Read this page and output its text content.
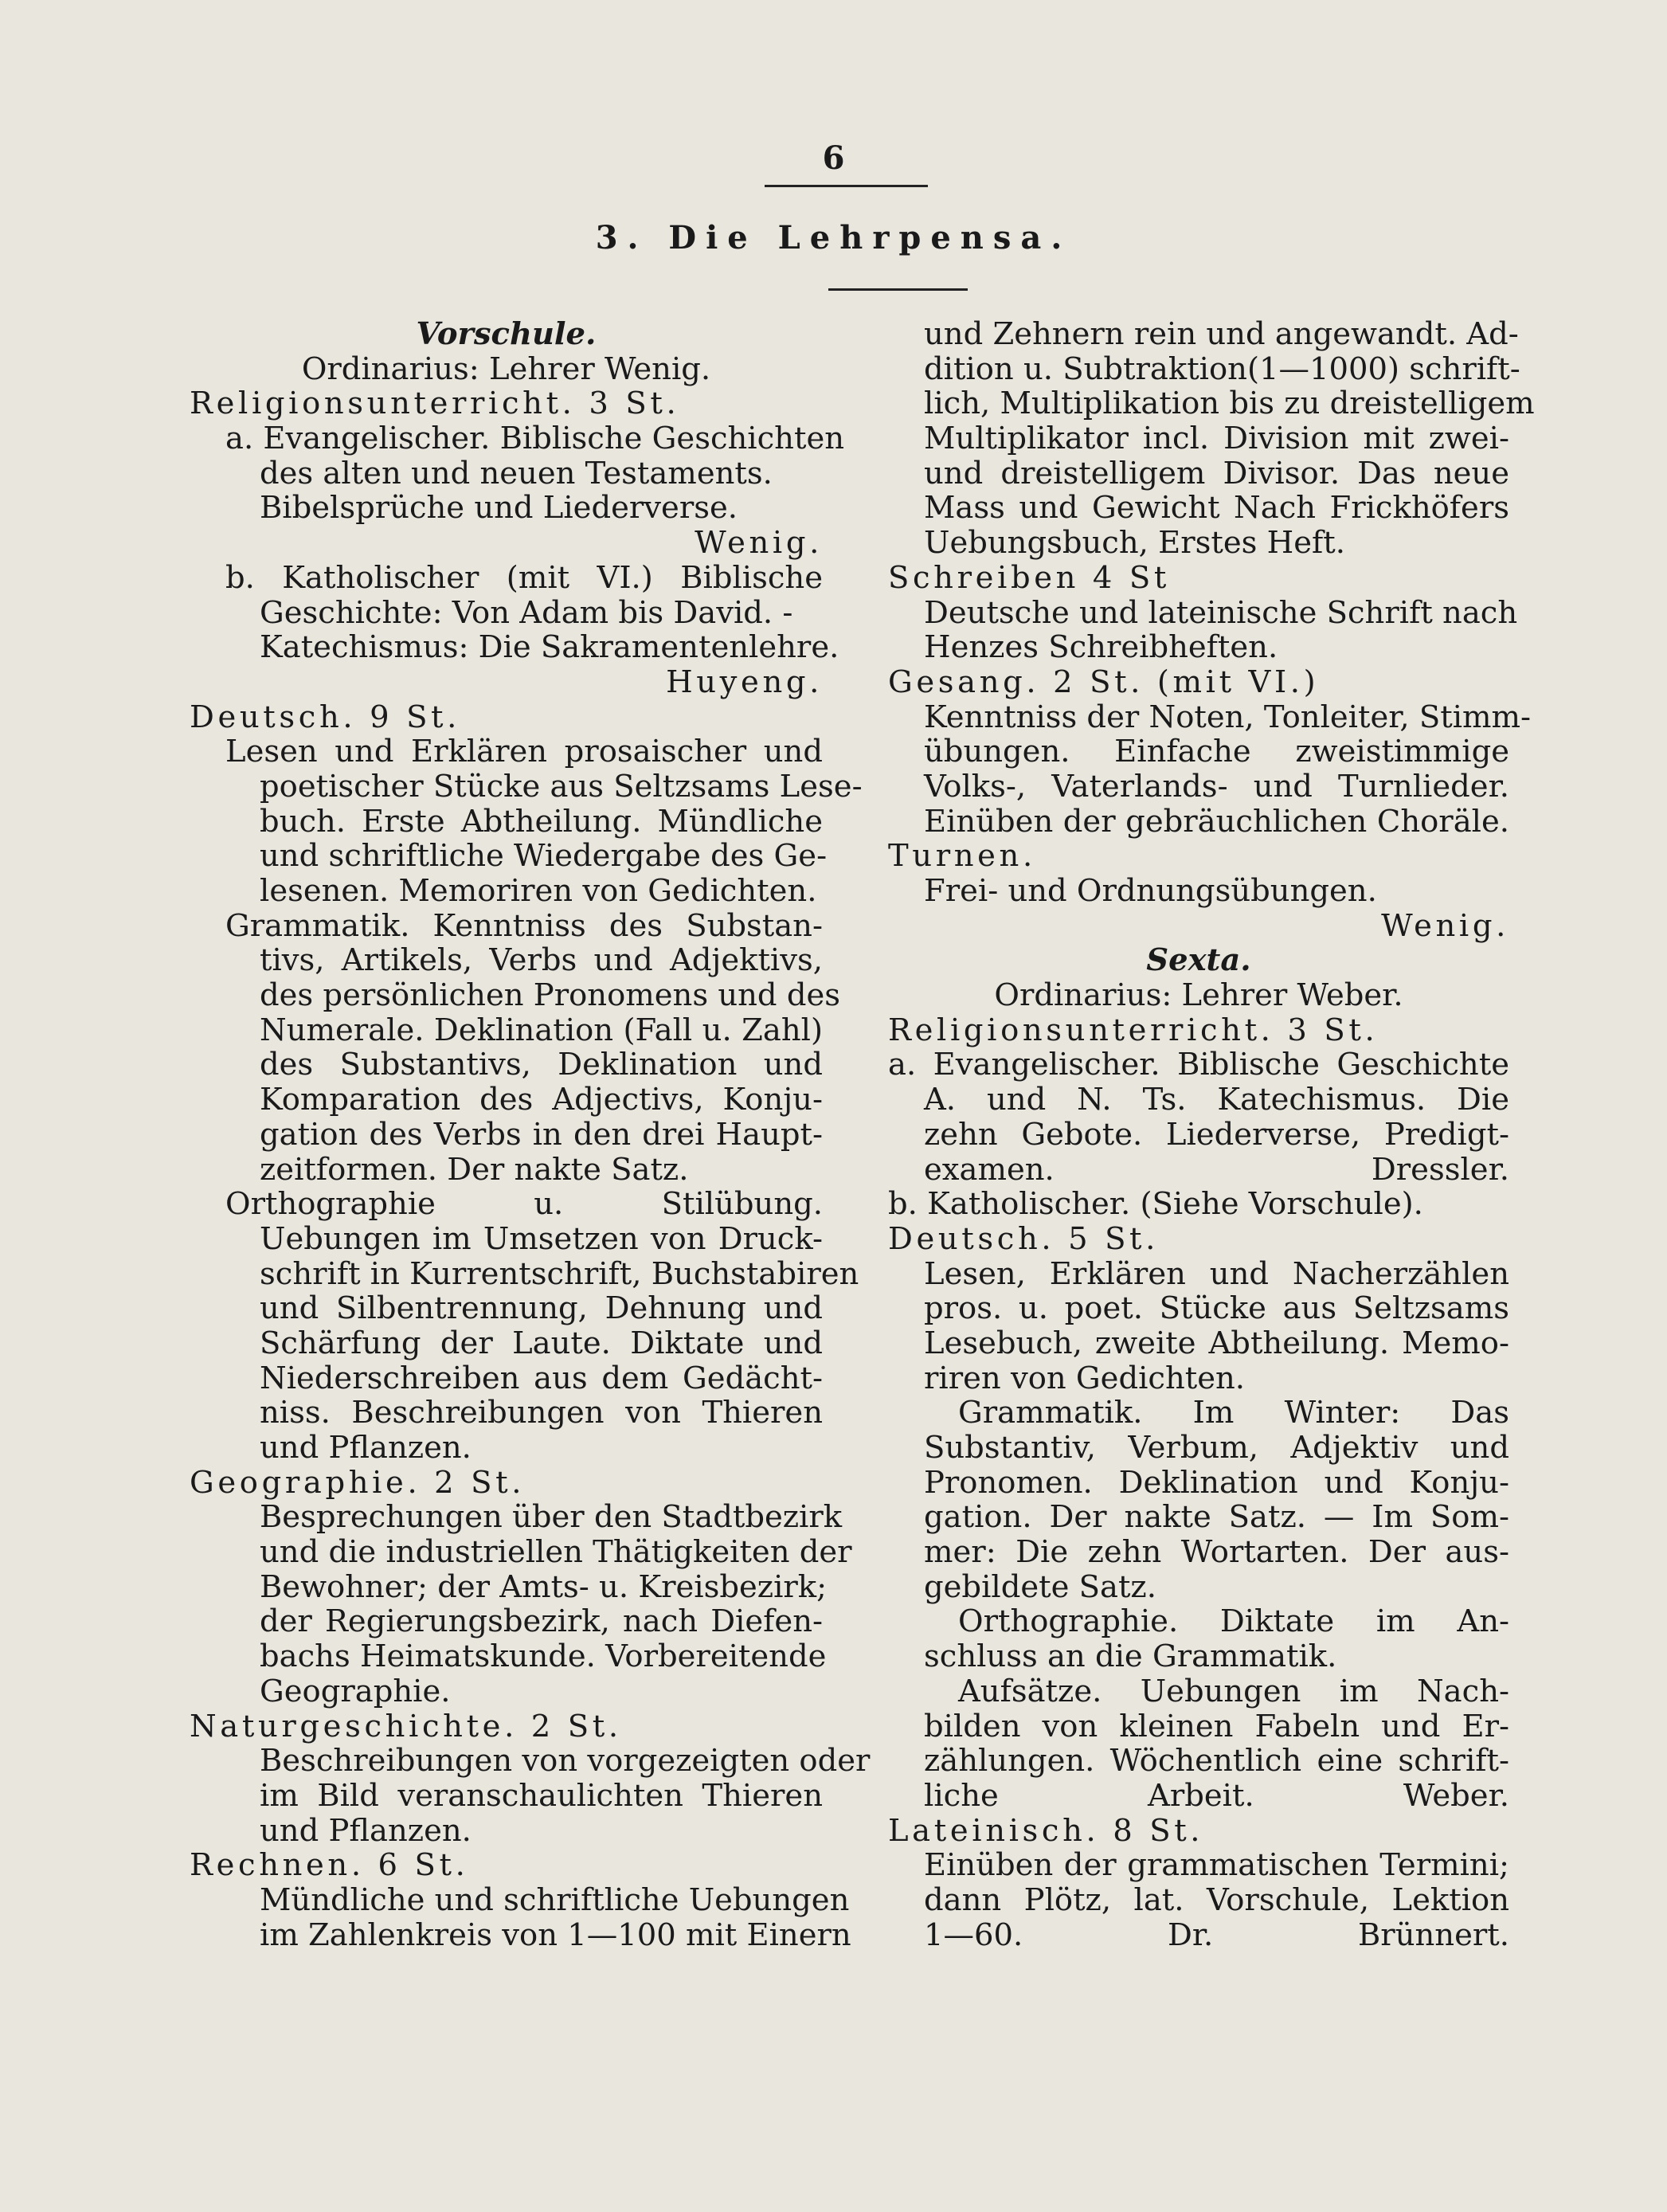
6
3. Die Lehrpensa.
Vorschule.
Ordinarius: Lehrer Wenig.
Religionsunterricht. 3 St.
a. Evangelischer. Biblische Geschichten
des alten und neuen Testaments.
Bibelsprüche und Liederverse.
Wenig.
b. Katholischer (mit VI.) Biblische
Geschichte: Von Adam bis David. -
Katechismus: Die Sakramentenlehre.
Huyeng.
Deutsch. 9 St.
Lesen und Erklären prosaischer und
poetischer Stücke aus Seltzsams Lese-
buch. Erste Abtheilung. Mündliche
und schriftliche Wiedergabe des Ge-
lesenen. Memoriren von Gedichten.
Grammatik. Kenntniss des Substan-
tivs, Artikels, Verbs und Adjektivs,
des persönlichen Pronomens und des
Numerale. Deklination (Fall u. Zahl)
des Substantivs, Deklination und
Komparation des Adjectivs, Konju-
gation des Verbs in den drei Haupt-
zeitformen. Der nakte Satz.
Orthographie u. Stilübung.
Uebungen im Umsetzen von Druck-
schrift in Kurrentschrift, Buchstabiren
und Silbentrennung, Dehnung und
Schärfung der Laute. Diktate und
Niederschreiben aus dem Gedächt-
niss. Beschreibungen von Thieren
und Pflanzen.
Geographie. 2 St.
Besprechungen über den Stadtbezirk
und die industriellen Thätigkeiten der
Bewohner; der Amts- u. Kreisbezirk;
der Regierungsbezirk, nach Diefen-
bachs Heimatskunde. Vorbereitende
Geographie.
Naturgeschichte. 2 St.
Beschreibungen von vorgezeigten oder
im Bild veranschaulichten Thieren
und Pflanzen.
Rechnen. 6 St.
Mündliche und schriftliche Uebungen
im Zahlenkreis von 1—100 mit Einern
und Zehnern rein und angewandt. Ad-
dition u. Subtraktion(1—1000) schrift-
lich, Multiplikation bis zu dreistelligem
Multiplikator incl. Division mit zwei-
und dreistelligem Divisor. Das neue
Mass und Gewicht Nach Frickhöfers
Uebungsbuch, Erstes Heft.
Schreiben 4 St
Deutsche und lateinische Schrift nach
Henzes Schreibheften.
Gesang. 2 St. (mit VI.)
Kenntniss der Noten, Tonleiter, Stimm-
übungen. Einfache zweistimmige
Volks-, Vaterlands- und Turnlieder.
Einüben der gebräuchlichen Choräle.
Turnen.
Frei- und Ordnungsübungen.
Wenig.
Sexta.
Ordinarius: Lehrer Weber.
Religionsunterricht. 3 St.
a. Evangelischer. Biblische Geschichte
A. und N. Ts. Katechismus. Die
zehn Gebote. Liederverse, Predigt-
examen. Dressler.
b. Katholischer. (Siehe Vorschule).
Deutsch. 5 St.
Lesen, Erklären und Nacherzählen
pros. u. poet. Stücke aus Seltzsams
Lesebuch, zweite Abtheilung. Memo-
riren von Gedichten.
Grammatik. Im Winter: Das
Substantiv, Verbum, Adjektiv und
Pronomen. Deklination und Konju-
gation. Der nakte Satz. — Im Som-
mer: Die zehn Wortarten. Der aus-
gebildete Satz.
Orthographie. Diktate im An-
schluss an die Grammatik.
Aufsätze. Uebungen im Nach-
bilden von kleinen Fabeln und Er-
zählungen. Wöchentlich eine schrift-
liche Arbeit. Weber.
Lateinisch. 8 St.
Einüben der grammatischen Termini;
dann Plötz, lat. Vorschule, Lektion
1—60. Dr. Brünnert.
